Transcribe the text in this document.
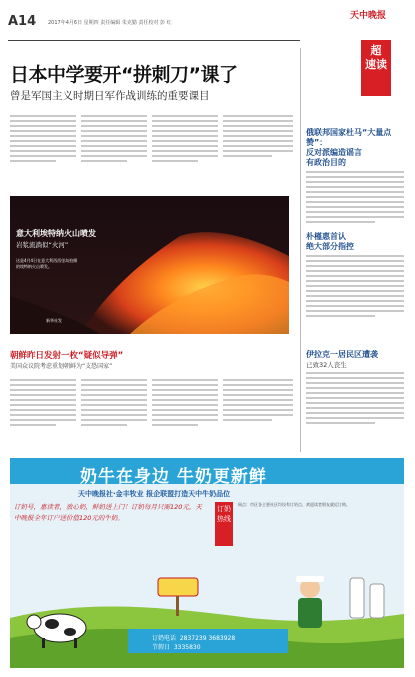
A14 2017年4月6日 星期四 责任编辑 朱克勤 责任校对 彭 红
天中晚报
超
速读
日本中学要开“拼刺刀”课了
曾是军国主义时期日军作战训练的重要课目
意大利埃特纳火山喷发
岩浆流淌似“火河”
这是4月4日在意大利西西里岛拍摄的埃特纳火山喷发。
新华社发
朝鲜昨日发射一枚“疑似导弹”
美国众议院考虑重划朝鲜为“支恐国家”
俄联邦国家杜马“大量点赞”：
反对派编造谣言
有政治目的
朴槿惠首认
绝大部分指控
伊拉克一居民区遭袭
已致32人丧生
奶牛在身边 牛奶更新鲜
天中晚报社·金丰牧业 报企联盟打造天中牛奶品位
订奶号，惠读者，放心奶，鲜奶送上门！订奶每月只需120元，天中晚报全年订户送价值120元的牛奶。
订奶热线
网点：市区各主要社区均设有订奶点，欢迎读者朋友就近订购。
订奶电话 2837239 3683928
节假日 3335830
